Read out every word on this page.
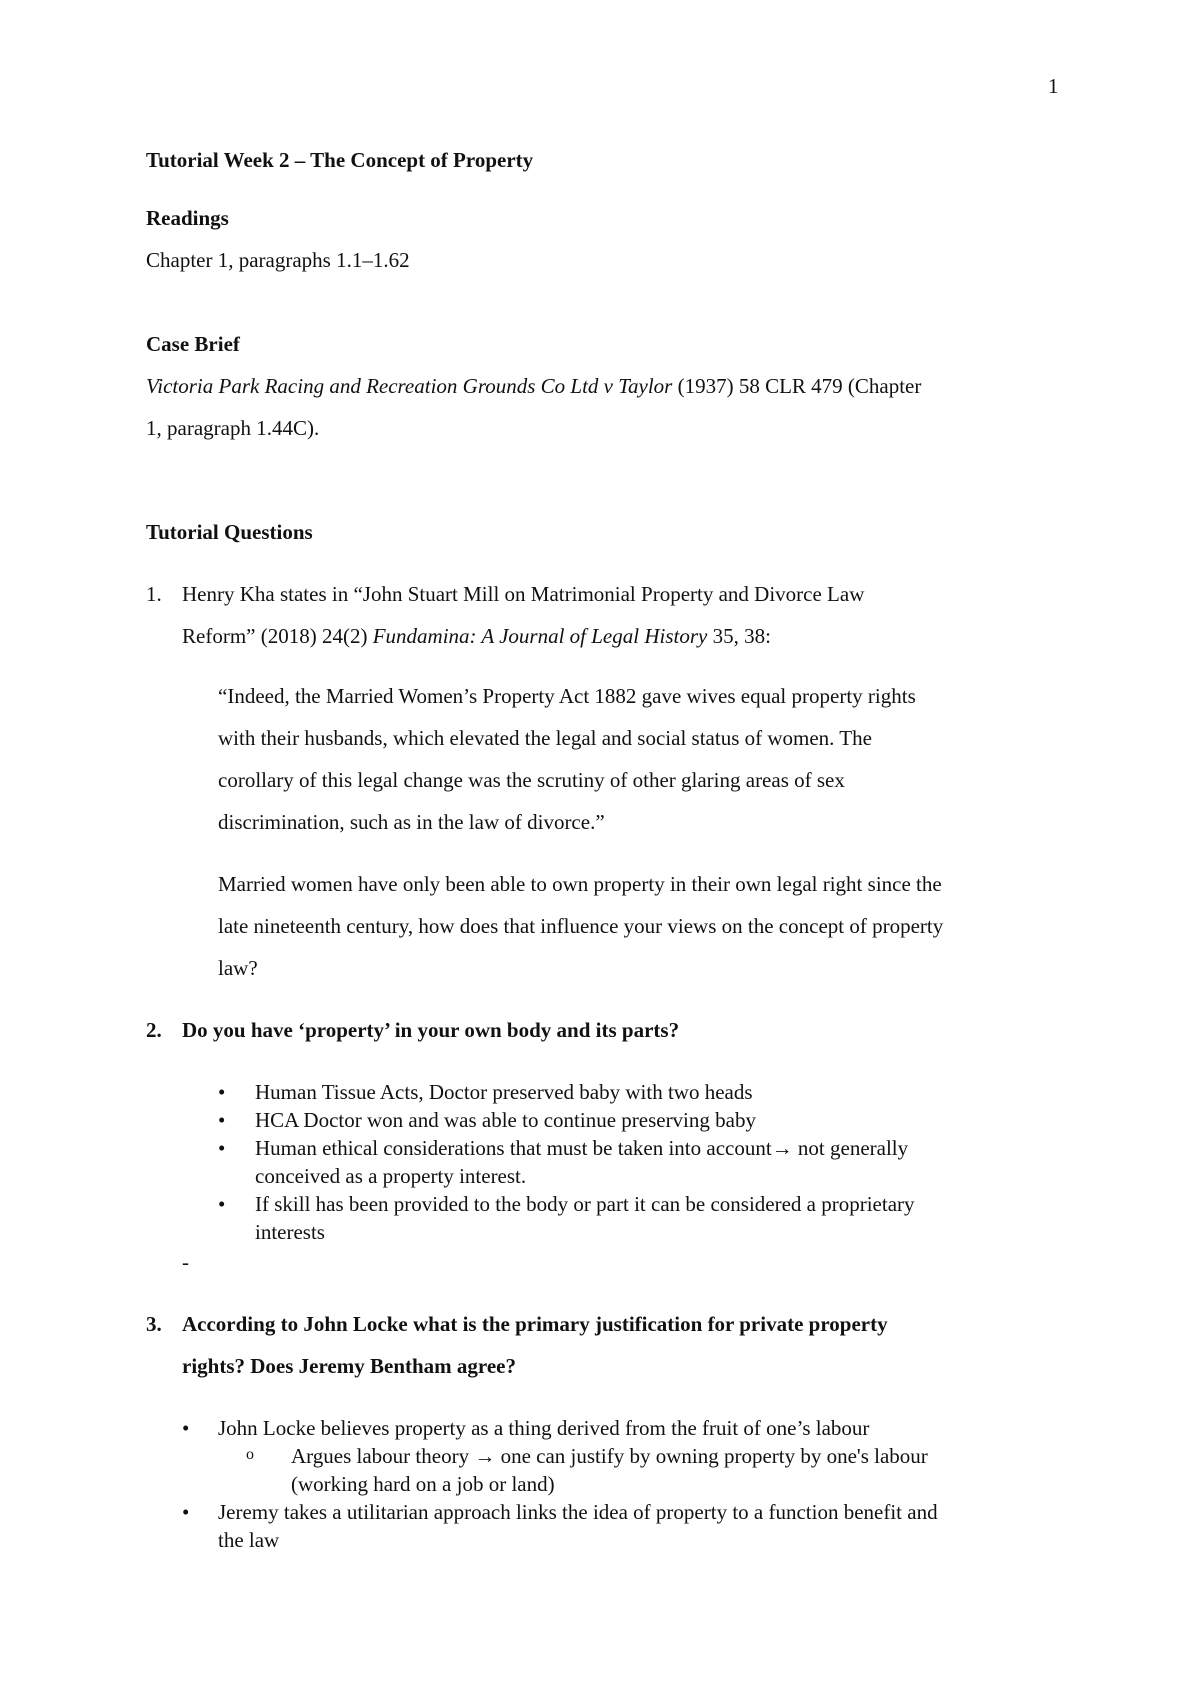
1
Tutorial Week 2 – The Concept of Property
Readings
Chapter 1, paragraphs 1.1–1.62
Case Brief
Victoria Park Racing and Recreation Grounds Co Ltd v Taylor (1937) 58 CLR 479 (Chapter
1, paragraph 1.44C).
Tutorial Questions
1. Henry Kha states in “John Stuart Mill on Matrimonial Property and Divorce Law
Reform” (2018) 24(2) Fundamina: A Journal of Legal History 35, 38:
“Indeed, the Married Women’s Property Act 1882 gave wives equal property rights
with their husbands, which elevated the legal and social status of women. The
corollary of this legal change was the scrutiny of other glaring areas of sex
discrimination, such as in the law of divorce.”
Married women have only been able to own property in their own legal right since the
late nineteenth century, how does that influence your views on the concept of property
law?
2. Do you have ‘property’ in your own body and its parts?
• Human Tissue Acts, Doctor preserved baby with two heads
• HCA Doctor won and was able to continue preserving baby
• Human ethical considerations that must be taken into account→ not generally
conceived as a property interest.
• If skill has been provided to the body or part it can be considered a proprietary
interests
-
3. According to John Locke what is the primary justification for private property
rights? Does Jeremy Bentham agree?
• John Locke believes property as a thing derived from the fruit of one’s labour
o Argues labour theory → one can justify by owning property by one's labour
(working hard on a job or land)
• Jeremy takes a utilitarian approach links the idea of property to a function benefit and
the law
